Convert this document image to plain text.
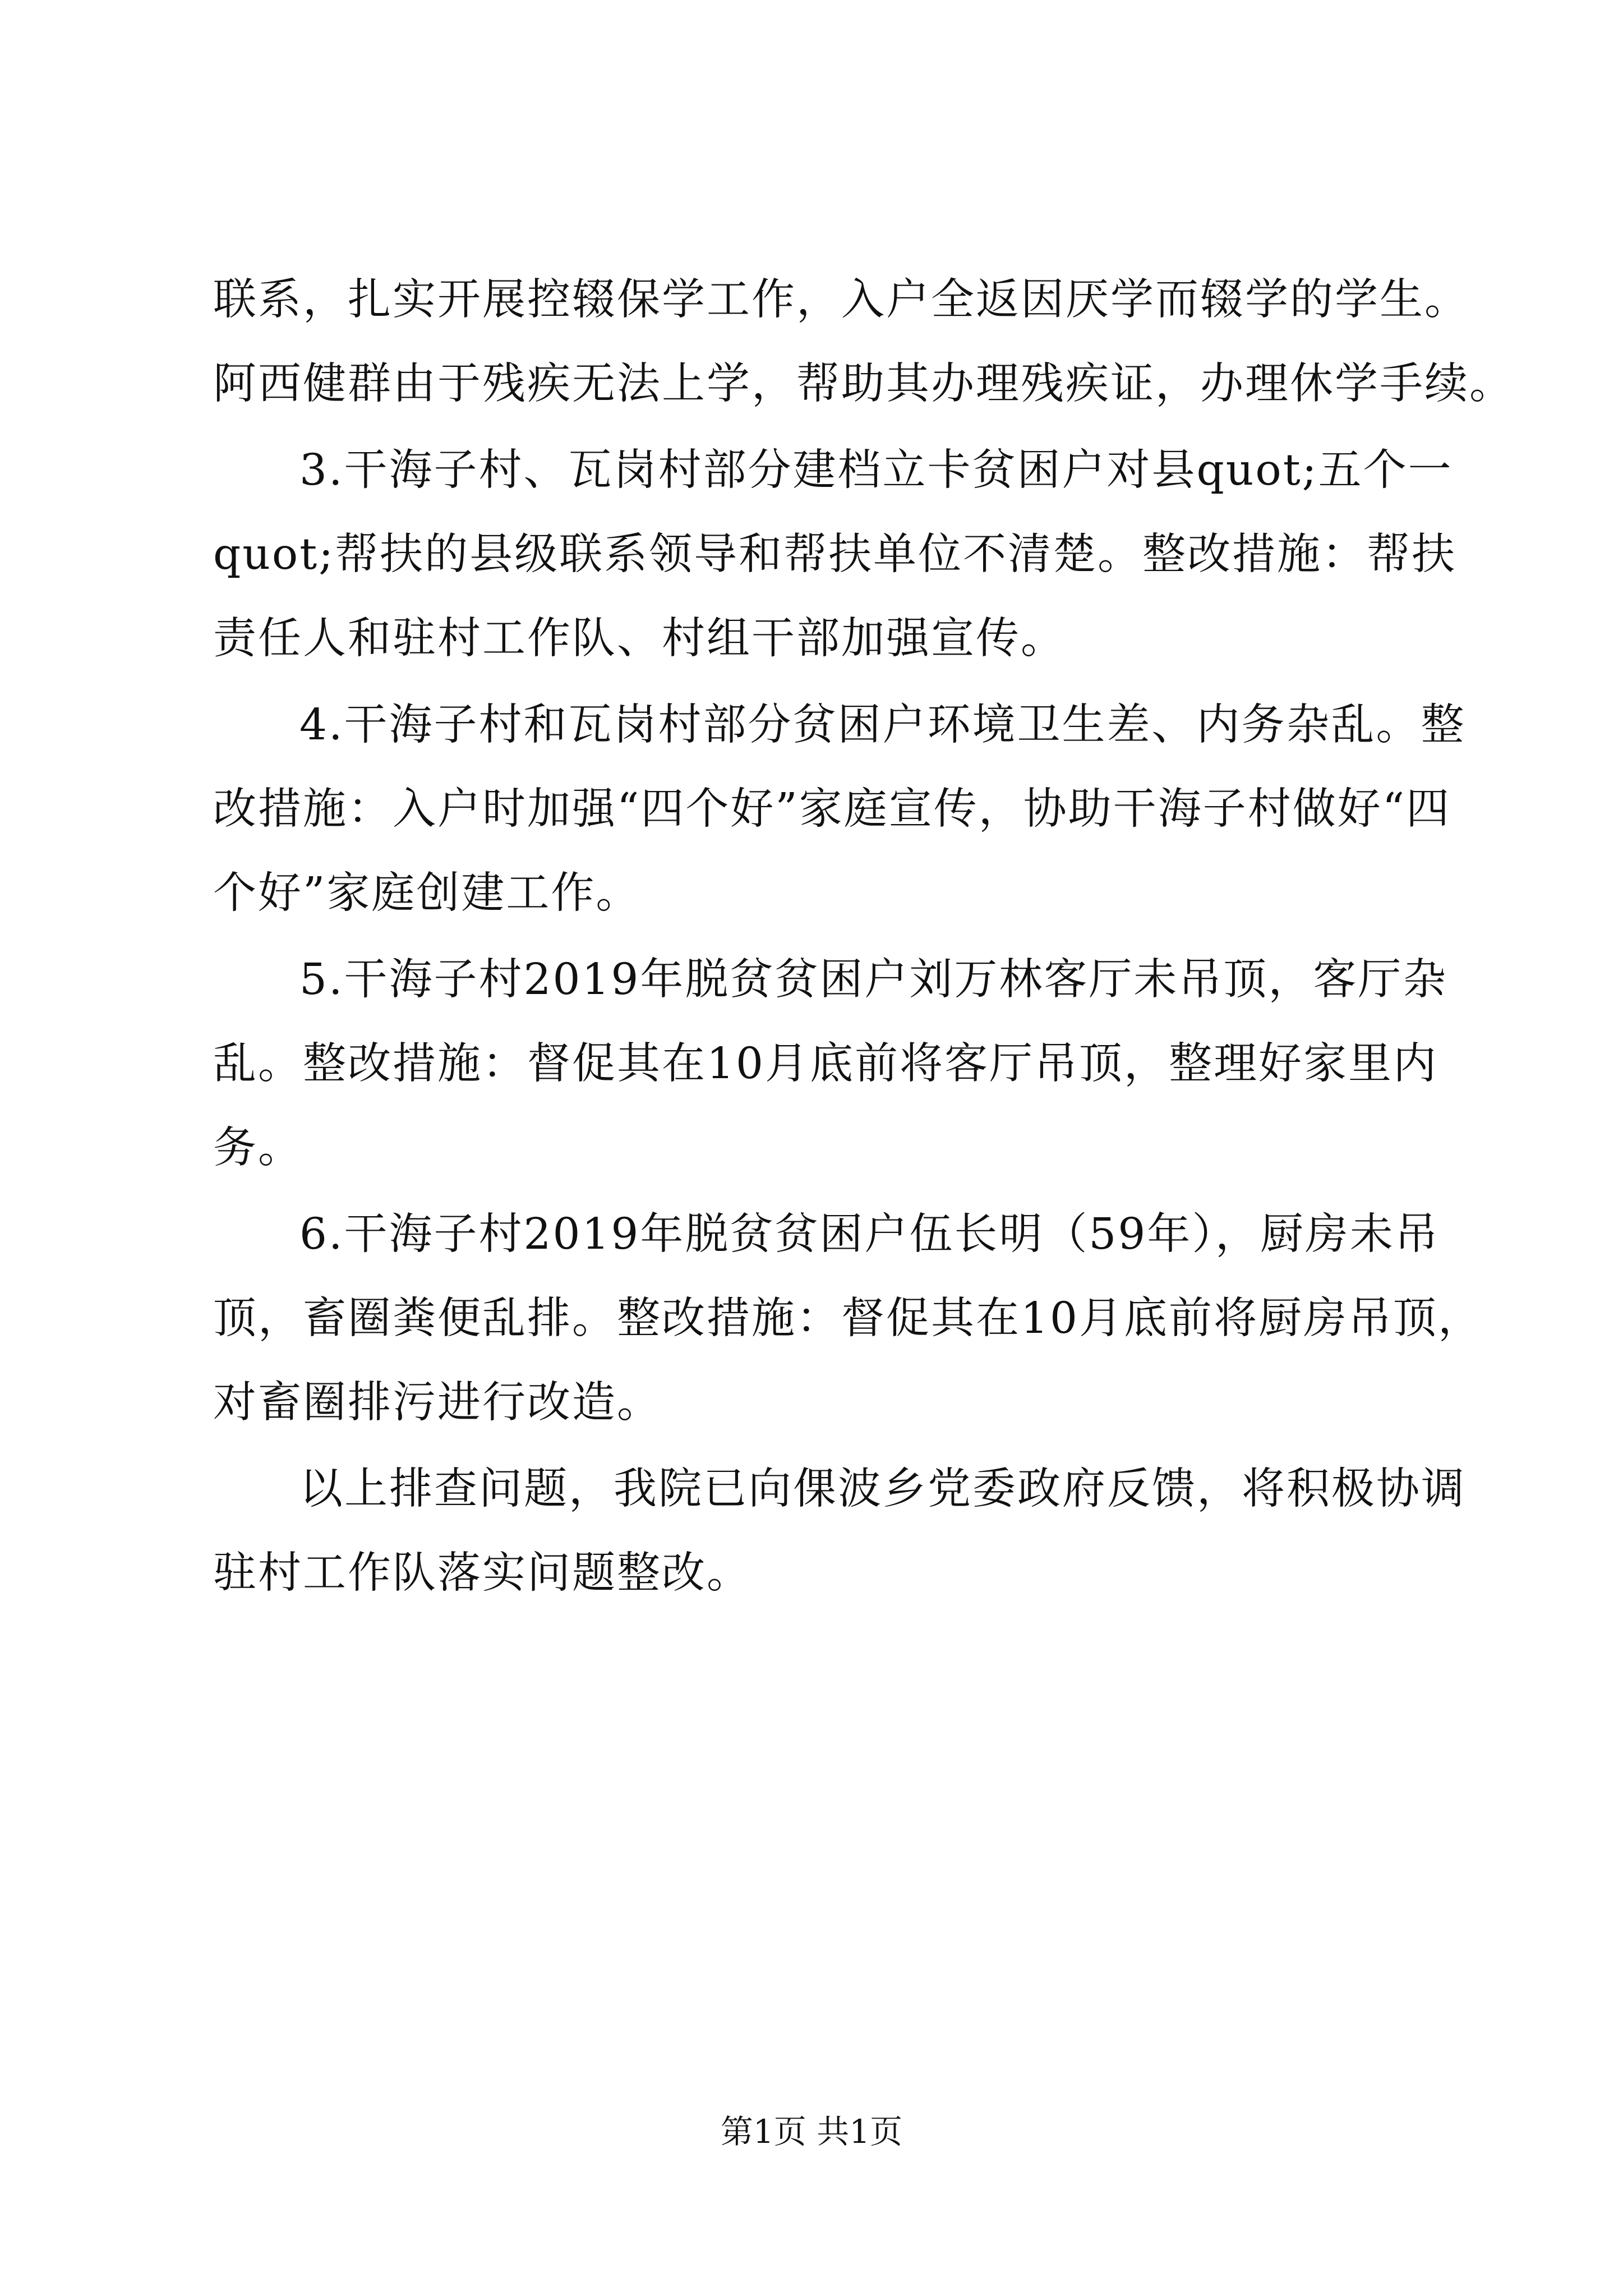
联系，扎实开展控辍保学工作，入户全返因厌学而辍学的学生。
阿西健群由于残疾无法上学，帮助其办理残疾证，办理休学手续。
3.干海子村、瓦岗村部分建档立卡贫困户对县quot;五个一
quot;帮扶的县级联系领导和帮扶单位不清楚。整改措施：帮扶
责任人和驻村工作队、村组干部加强宣传。
4.干海子村和瓦岗村部分贫困户环境卫生差、内务杂乱。整
改措施：入户时加强“四个好”家庭宣传，协助干海子村做好“四
个好”家庭创建工作。
5.干海子村2019年脱贫贫困户刘万林客厅未吊顶，客厅杂
乱。整改措施：督促其在10月底前将客厅吊顶，整理好家里内
务。
6.干海子村2019年脱贫贫困户伍长明（59年），厨房未吊
顶，畜圈粪便乱排。整改措施：督促其在10月底前将厨房吊顶，
对畜圈排污进行改造。
以上排查问题，我院已向倮波乡党委政府反馈，将积极协调
驻村工作队落实问题整改。
第1页 共1页
